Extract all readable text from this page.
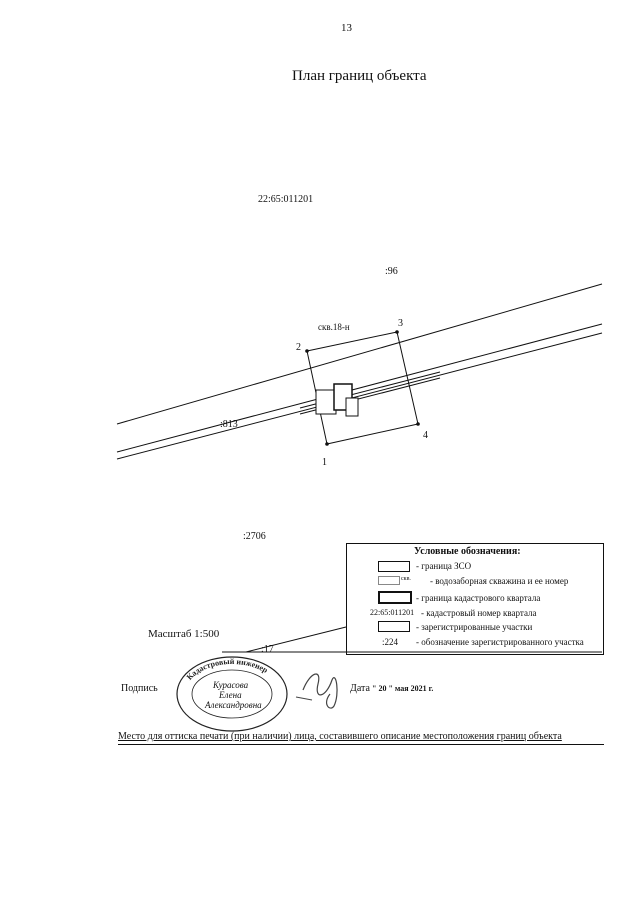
13
План границ объекта
22:65:011201
:96
:813
:2706
:17
скв.18-н
1
2
3
4
Условные обозначения:
- граница ЗСО
скв. - водозаборная скважина и ее номер
- граница кадастрового квартала
22:65:011201 - кадастровый номер квартала
- зарегистрированные участки
:224 - обозначение зарегистрированного участка
Масштаб 1:500
Подпись	Дата " 20 " мая 2021 г.
Кадастровый инженер
Курасова
Елена
Александровна
Место для оттиска печати (при наличии) лица, составившего описание местоположения границ объекта
